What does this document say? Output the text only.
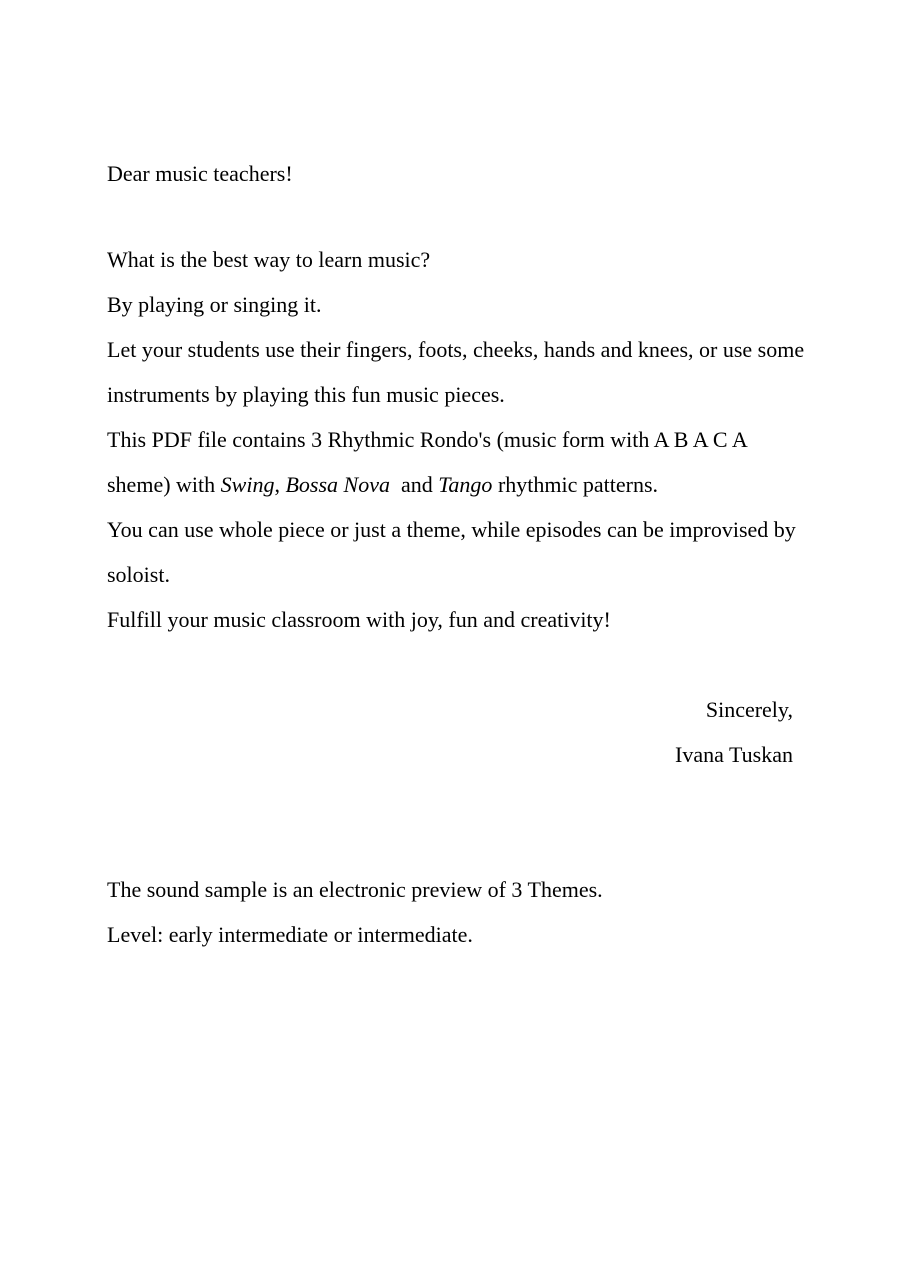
Dear music teachers!
What is the best way to learn music?
By playing or singing it.
Let your students use their fingers, foots, cheeks, hands and knees, or use some
instruments by playing this fun music pieces.
This PDF file contains 3 Rhythmic Rondo's (music form with A B A C A
sheme) with Swing, Bossa Nova  and Tango rhythmic patterns.
You can use whole piece or just a theme, while episodes can be improvised by
soloist.
Fulfill your music classroom with joy, fun and creativity!
Sincerely,
Ivana Tuskan
The sound sample is an electronic preview of 3 Themes.
Level: early intermediate or intermediate.
